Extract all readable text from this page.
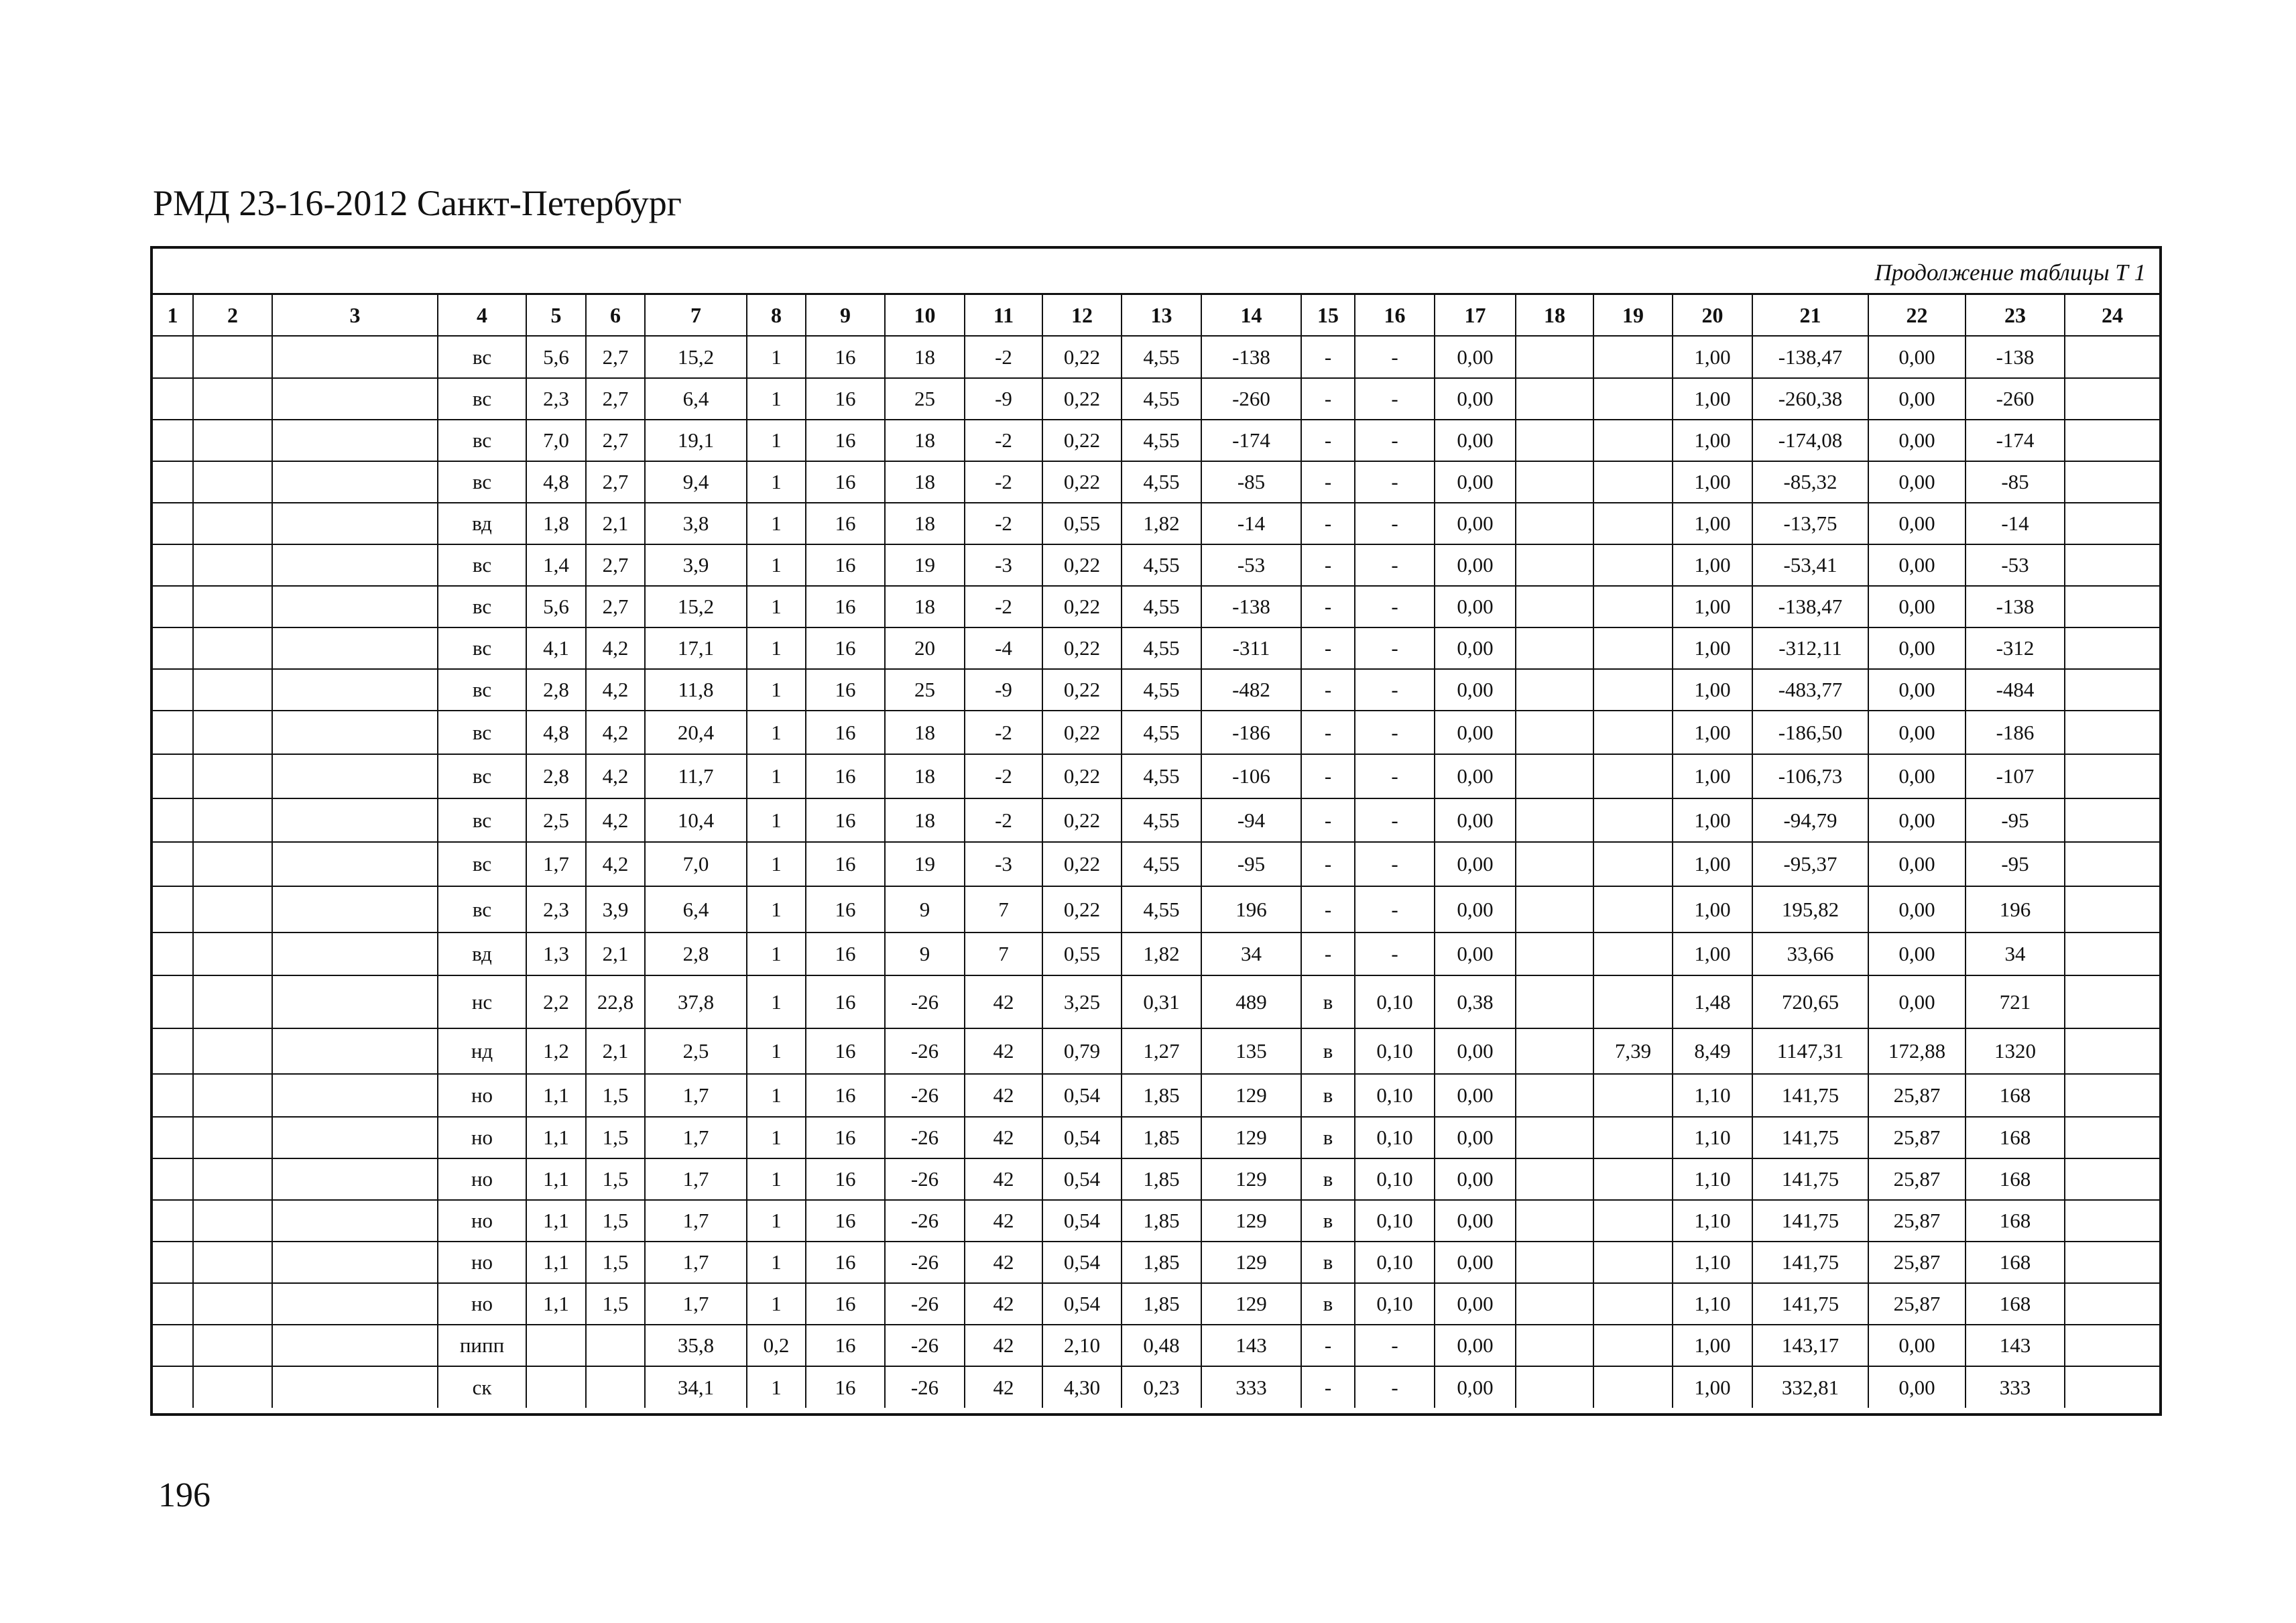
РМД 23-16-2012 Санкт-Петербург
Продолжение таблицы Т 1
1	2	3	4	5	6	7	8	9	10	11	12	13	14	15	16	17	18	19	20	21	22	23	24
			вс	5,6	2,7	15,2	1	16	18	-2	0,22	4,55	-138	-	-	0,00			1,00	-138,47	0,00	-138	
			вс	2,3	2,7	6,4	1	16	25	-9	0,22	4,55	-260	-	-	0,00			1,00	-260,38	0,00	-260	
			вс	7,0	2,7	19,1	1	16	18	-2	0,22	4,55	-174	-	-	0,00			1,00	-174,08	0,00	-174	
			вс	4,8	2,7	9,4	1	16	18	-2	0,22	4,55	-85	-	-	0,00			1,00	-85,32	0,00	-85	
			вд	1,8	2,1	3,8	1	16	18	-2	0,55	1,82	-14	-	-	0,00			1,00	-13,75	0,00	-14	
			вс	1,4	2,7	3,9	1	16	19	-3	0,22	4,55	-53	-	-	0,00			1,00	-53,41	0,00	-53	
			вс	5,6	2,7	15,2	1	16	18	-2	0,22	4,55	-138	-	-	0,00			1,00	-138,47	0,00	-138	
			вс	4,1	4,2	17,1	1	16	20	-4	0,22	4,55	-311	-	-	0,00			1,00	-312,11	0,00	-312	
			вс	2,8	4,2	11,8	1	16	25	-9	0,22	4,55	-482	-	-	0,00			1,00	-483,77	0,00	-484	
			вс	4,8	4,2	20,4	1	16	18	-2	0,22	4,55	-186	-	-	0,00			1,00	-186,50	0,00	-186	
			вс	2,8	4,2	11,7	1	16	18	-2	0,22	4,55	-106	-	-	0,00			1,00	-106,73	0,00	-107	
			вс	2,5	4,2	10,4	1	16	18	-2	0,22	4,55	-94	-	-	0,00			1,00	-94,79	0,00	-95	
			вс	1,7	4,2	7,0	1	16	19	-3	0,22	4,55	-95	-	-	0,00			1,00	-95,37	0,00	-95	
			вс	2,3	3,9	6,4	1	16	9	7	0,22	4,55	196	-	-	0,00			1,00	195,82	0,00	196	
			вд	1,3	2,1	2,8	1	16	9	7	0,55	1,82	34	-	-	0,00			1,00	33,66	0,00	34	
			нс	2,2	22,8	37,8	1	16	-26	42	3,25	0,31	489	в	0,10	0,38			1,48	720,65	0,00	721	
			нд	1,2	2,1	2,5	1	16	-26	42	0,79	1,27	135	в	0,10	0,00		7,39	8,49	1147,31	172,88	1320	
			но	1,1	1,5	1,7	1	16	-26	42	0,54	1,85	129	в	0,10	0,00			1,10	141,75	25,87	168	
			но	1,1	1,5	1,7	1	16	-26	42	0,54	1,85	129	в	0,10	0,00			1,10	141,75	25,87	168	
			но	1,1	1,5	1,7	1	16	-26	42	0,54	1,85	129	в	0,10	0,00			1,10	141,75	25,87	168	
			но	1,1	1,5	1,7	1	16	-26	42	0,54	1,85	129	в	0,10	0,00			1,10	141,75	25,87	168	
			но	1,1	1,5	1,7	1	16	-26	42	0,54	1,85	129	в	0,10	0,00			1,10	141,75	25,87	168	
			но	1,1	1,5	1,7	1	16	-26	42	0,54	1,85	129	в	0,10	0,00			1,10	141,75	25,87	168	
			пипп			35,8	0,2	16	-26	42	2,10	0,48	143	-	-	0,00			1,00	143,17	0,00	143	
			ск			34,1	1	16	-26	42	4,30	0,23	333	-	-	0,00			1,00	332,81	0,00	333	
196
